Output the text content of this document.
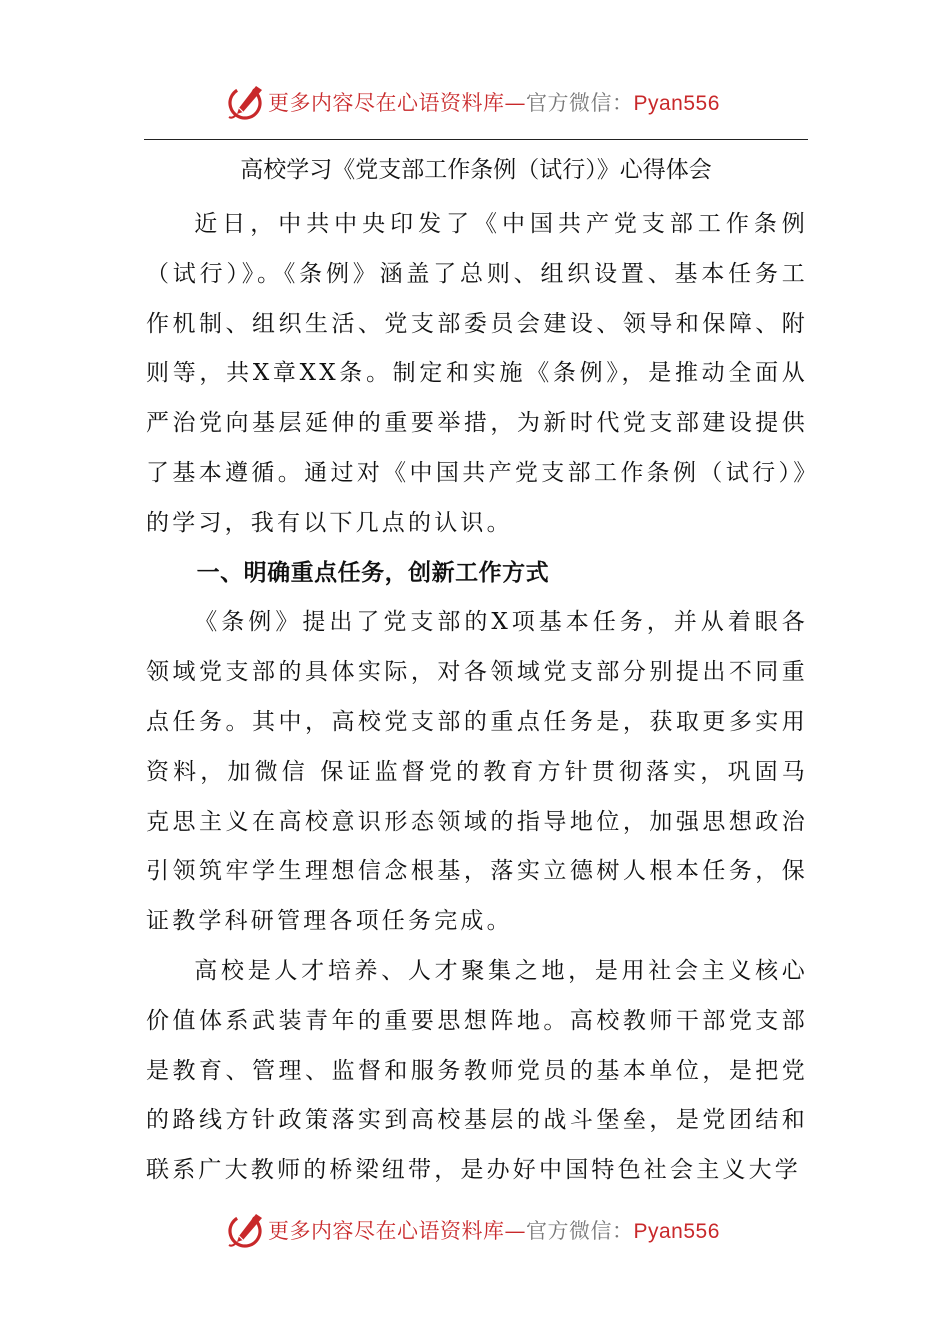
更多内容尽在心语资料库—官方微信：Pyan556
高校学习《党支部工作条例（试行）》心得体会

近日，中共中央印发了《中国共产党支部工作条例（试行）》。《条例》涵盖了总则、组织设置、基本任务工作机制、组织生活、党支部委员会建设、领导和保障、附则等，共X章XX条。制定和实施《条例》，是推动全面从严治党向基层延伸的重要举措，为新时代党支部建设提供了基本遵循。通过对《中国共产党支部工作条例（试行）》的学习，我有以下几点的认识。

一、明确重点任务，创新工作方式

《条例》提出了党支部的X项基本任务，并从着眼各领域党支部的具体实际，对各领域党支部分别提出不同重点任务。其中，高校党支部的重点任务是，获取更多实用资料，加微信 保证监督党的教育方针贯彻落实，巩固马克思主义在高校意识形态领域的指导地位，加强思想政治引领筑牢学生理想信念根基，落实立德树人根本任务，保证教学科研管理各项任务完成。

高校是人才培养、人才聚集之地，是用社会主义核心价值体系武装青年的重要思想阵地。高校教师干部党支部是教育、管理、监督和服务教师党员的基本单位，是把党的路线方针政策落实到高校基层的战斗堡垒，是党团结和联系广大教师的桥梁纽带，是办好中国特色社会主义大学

更多内容尽在心语资料库—官方微信：Pyan556
